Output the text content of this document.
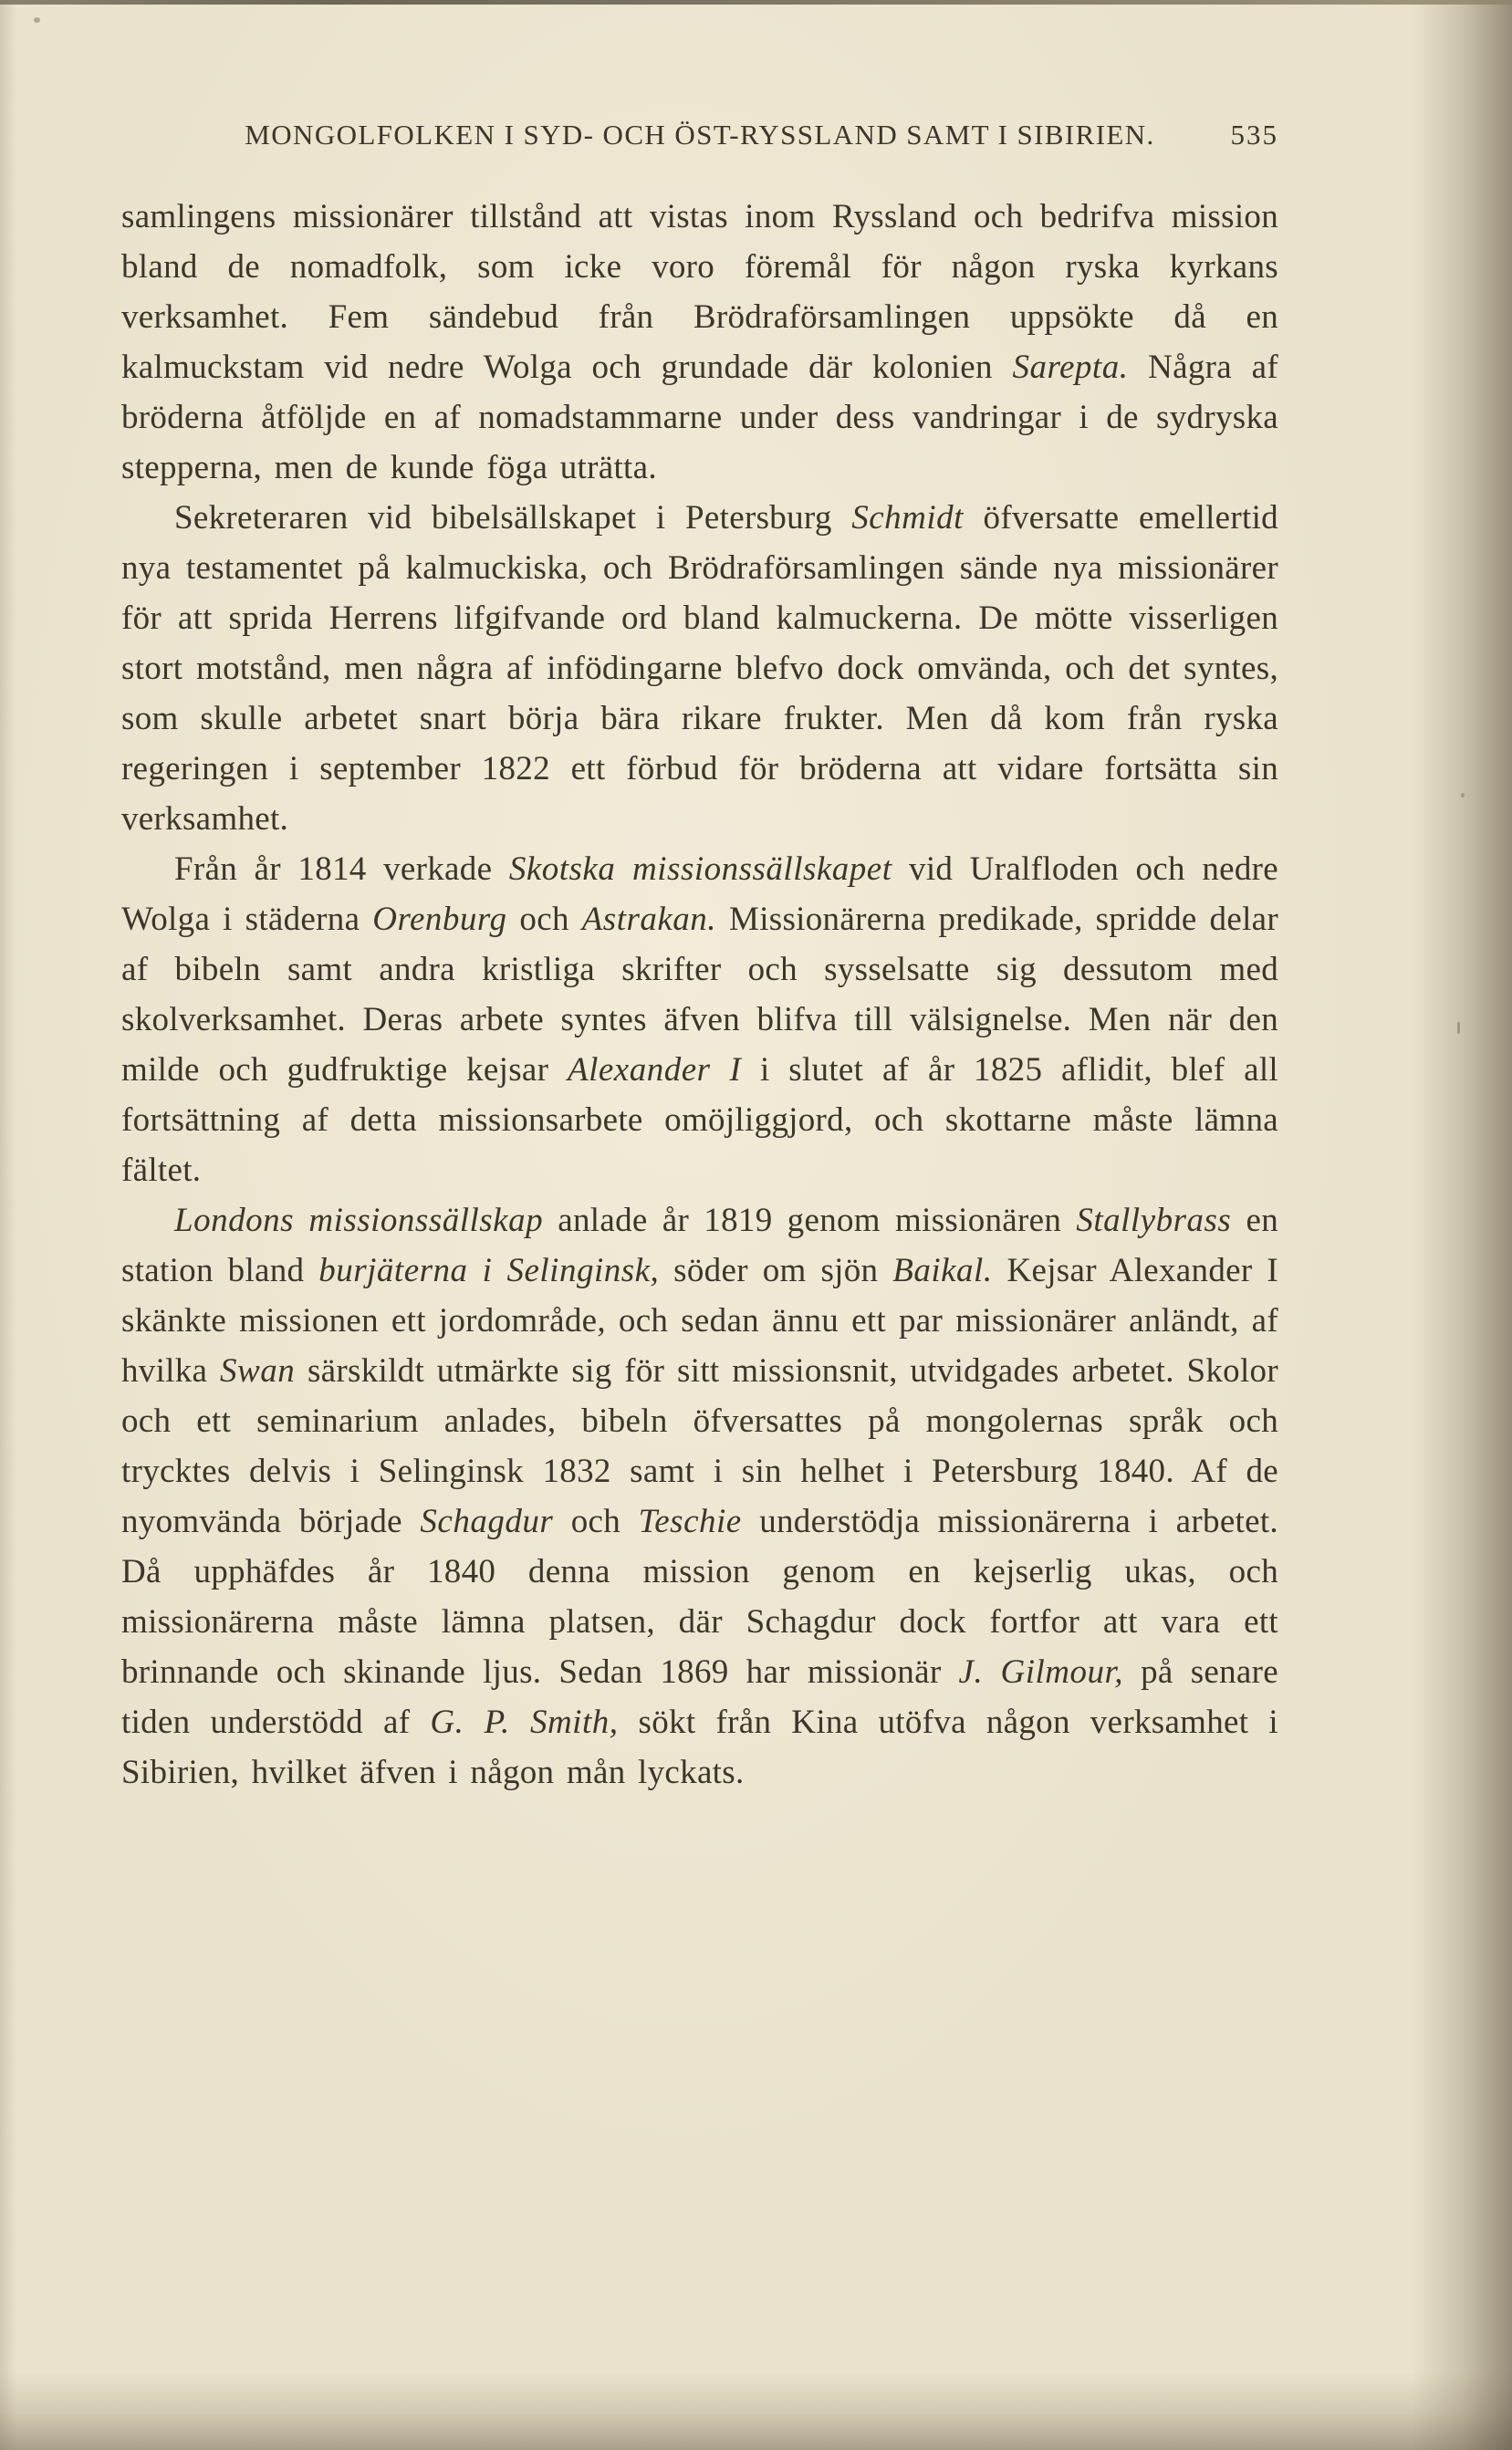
MONGOLFOLKEN I SYD- OCH ÖST-RYSSLAND SAMT I SIBIRIEN.	535

samlingens missionärer tillstånd att vistas inom Ryssland och bedrifva mission bland de nomadfolk, som icke voro föremål för någon ryska kyrkans verksamhet. Fem sändebud från Brödraförsamlingen uppsökte då en kalmuckstam vid nedre Wolga och grundade där kolonien Sarepta. Några af bröderna åtföljde en af nomadstammarne under dess vandringar i de sydryska stepperna, men de kunde föga uträtta.

Sekreteraren vid bibelsällskapet i Petersburg Schmidt öfversatte emellertid nya testamentet på kalmuckiska, och Brödraförsamlingen sände nya missionärer för att sprida Herrens lifgifvande ord bland kalmuckerna. De mötte visserligen stort motstånd, men några af infödingarne blefvo dock omvända, och det syntes, som skulle arbetet snart börja bära rikare frukter. Men då kom från ryska regeringen i september 1822 ett förbud för bröderna att vidare fortsätta sin verksamhet.

Från år 1814 verkade Skotska missionssällskapet vid Uralfloden och nedre Wolga i städerna Orenburg och Astrakan. Missionärerna predikade, spridde delar af bibeln samt andra kristliga skrifter och sysselsatte sig dessutom med skolverksamhet. Deras arbete syntes äfven blifva till välsignelse. Men när den milde och gudfruktige kejsar Alexander I i slutet af år 1825 aflidit, blef all fortsättning af detta missionsarbete omöjliggjord, och skottarne måste lämna fältet.

Londons missionssällskap anlade år 1819 genom missionären Stallybrass en station bland burjäterna i Selinginsk, söder om sjön Baikal. Kejsar Alexander I skänkte missionen ett jordområde, och sedan ännu ett par missionärer anländt, af hvilka Swan särskildt utmärkte sig för sitt missionsnit, utvidgades arbetet. Skolor och ett seminarium anlades, bibeln öfversattes på mongolernas språk och trycktes delvis i Selinginsk 1832 samt i sin helhet i Petersburg 1840. Af de nyomvända började Schagdur och Teschie understödja missionärerna i arbetet. Då upphäfdes år 1840 denna mission genom en kejserlig ukas, och missionärerna måste lämna platsen, där Schagdur dock fortfor att vara ett brinnande och skinande ljus. Sedan 1869 har missionär J. Gilmour, på senare tiden understödd af G. P. Smith, sökt från Kina utöfva någon verksamhet i Sibirien, hvilket äfven i någon mån lyckats.
